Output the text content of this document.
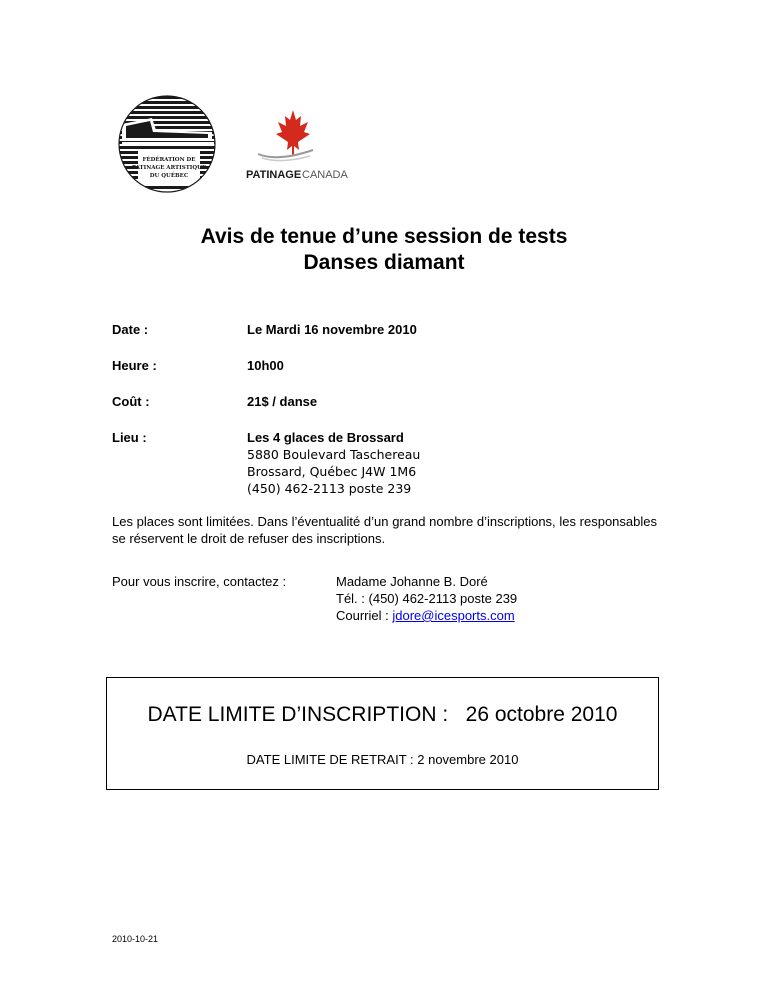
FÉDÉRATION DE
PATINAGE ARTISTIQUE
DU QUÉBEC	PATINAGE CANADA
Avis de tenue d’une session de tests
Danses diamant
Date :	Le Mardi 16 novembre 2010
Heure :	10h00
Coût :	21$ / danse
Lieu :	Les 4 glaces de Brossard
5880 Boulevard Taschereau
Brossard, Québec J4W 1M6
(450) 462-2113 poste 239
Les places sont limitées. Dans l’éventualité d’un grand nombre d’inscriptions, les responsables se réservent le droit de refuser des inscriptions.
Pour vous inscrire, contactez :	Madame Johanne B. Doré
Tél. : (450) 462-2113 poste 239
Courriel : jdore@icesports.com
DATE LIMITE D’INSCRIPTION : 26 octobre 2010
DATE LIMITE DE RETRAIT : 2 novembre 2010
2010-10-21
